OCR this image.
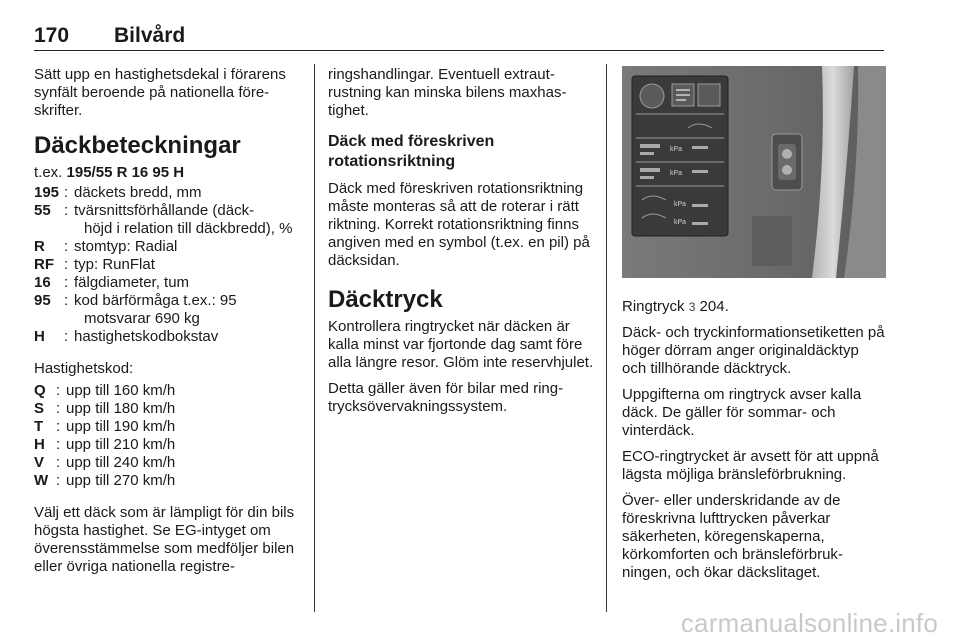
170 Bilvård

Sätt upp en hastighetsdekal i förarens synfält beroende på nationella föreskrifter.

Däckbeteckningar
t.ex. 195/55 R 16 95 H
195 : däckets bredd, mm
55 : tvärsnittsförhållande (däck-
höjd i relation till däckbredd), %
R	: stomtyp: Radial
RF : typ: RunFlat
16 : fälgdiameter, tum
95 : kod bärförmåga t.ex.: 95
motsvarar 690 kg
H	: hastighetskodbokstav

Hastighetskod:

Q : upp till 160 km/h
S : upp till 180 km/h
T : upp till 190 km/h
H : upp till 210 km/h
V : upp till 240 km/h
W : upp till 270 km/h

Välj ett däck som är lämpligt för din bils högsta hastighet. Se EG-intyget om överensstämmelse som medföljer bilen eller övriga nationella registre-

ringshandlingar. Eventuell extrautrustning kan minska bilens maxhastighet.

Däck med föreskriven
rotationsriktning

Däck med föreskriven rotationsriktning måste monteras så att de roterar i rätt riktning. Korrekt rotationsriktning finns angiven med en symbol (t.ex. en pil) på däcksidan.

Däcktryck

Kontrollera ringtrycket när däcken är kalla minst var fjortonde dag samt före alla längre resor. Glöm inte reservhjulet.

Detta gäller även för bilar med ringtrycksövervakningssystem.

kPa
kPa
kPa
kPa

Ringtryck 3 204.

Däck- och tryckinformationsetiketten på höger dörram anger originaldäcktyp och tillhörande däcktryck.

Uppgifterna om ringtryck avser kalla däck. De gäller för sommar- och vinterdäck.

ECO-ringtrycket är avsett för att uppnå lägsta möjliga bränsleförbrukning.

Över- eller underskridande av de föreskrivna lufttrycken påverkar säkerheten, köregenskaperna, körkomforten och bränsleförbrukningen, och ökar däckslitaget.

carmanualsonline.info
